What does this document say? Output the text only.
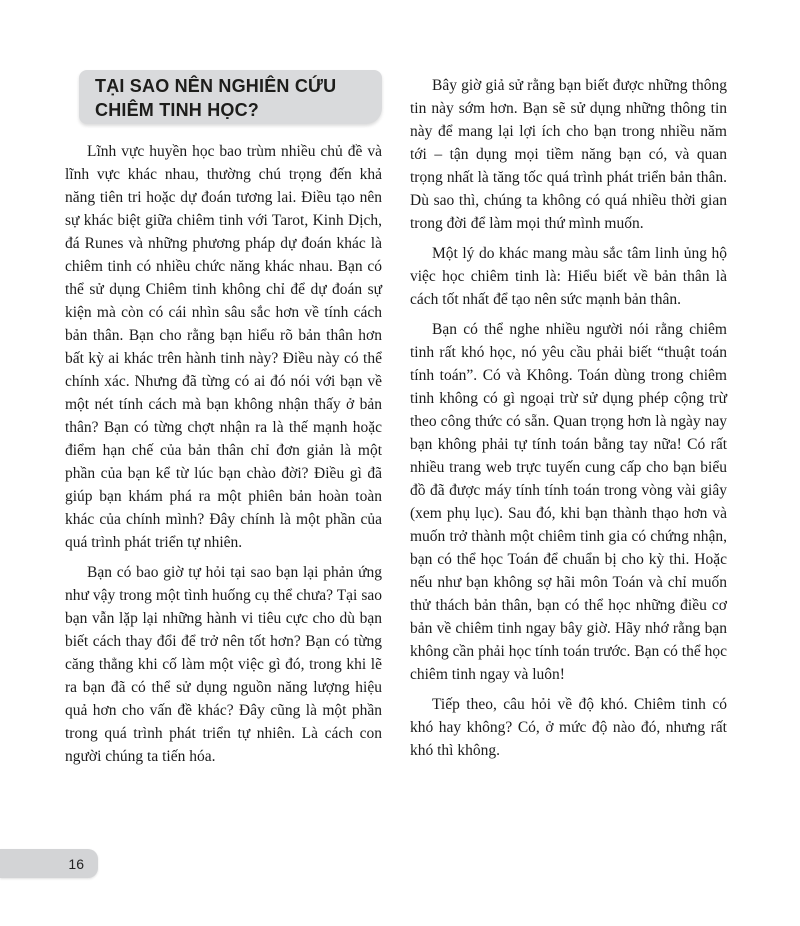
TẠI SAO NÊN NGHIÊN CỨU
CHIÊM TINH HỌC?

Lĩnh vực huyền học bao trùm nhiều chủ đề và lĩnh vực khác nhau, thường chú trọng đến khả năng tiên tri hoặc dự đoán tương lai. Điều tạo nên sự khác biệt giữa chiêm tinh với Tarot, Kinh Dịch, đá Runes và những phương pháp dự đoán khác là chiêm tinh có nhiều chức năng khác nhau. Bạn có thể sử dụng Chiêm tinh không chỉ để dự đoán sự kiện mà còn có cái nhìn sâu sắc hơn về tính cách bản thân. Bạn cho rằng bạn hiểu rõ bản thân hơn bất kỳ ai khác trên hành tinh này? Điều này có thể chính xác. Nhưng đã từng có ai đó nói với bạn về một nét tính cách mà bạn không nhận thấy ở bản thân? Bạn có từng chợt nhận ra là thế mạnh hoặc điểm hạn chế của bản thân chỉ đơn giản là một phần của bạn kể từ lúc bạn chào đời? Điều gì đã giúp bạn khám phá ra một phiên bản hoàn toàn khác của chính mình? Đây chính là một phần của quá trình phát triển tự nhiên.

Bạn có bao giờ tự hỏi tại sao bạn lại phản ứng như vậy trong một tình huống cụ thể chưa? Tại sao bạn vẫn lặp lại những hành vi tiêu cực cho dù bạn biết cách thay đổi để trở nên tốt hơn? Bạn có từng căng thẳng khi cố làm một việc gì đó, trong khi lẽ ra bạn đã có thể sử dụng nguồn năng lượng hiệu quả hơn cho vấn đề khác? Đây cũng là một phần trong quá trình phát triển tự nhiên. Là cách con người chúng ta tiến hóa.

Bây giờ giả sử rằng bạn biết được những thông tin này sớm hơn. Bạn sẽ sử dụng những thông tin này để mang lại lợi ích cho bạn trong nhiều năm tới – tận dụng mọi tiềm năng bạn có, và quan trọng nhất là tăng tốc quá trình phát triển bản thân. Dù sao thì, chúng ta không có quá nhiều thời gian trong đời để làm mọi thứ mình muốn.

Một lý do khác mang màu sắc tâm linh ủng hộ việc học chiêm tinh là: Hiểu biết về bản thân là cách tốt nhất để tạo nên sức mạnh bản thân.

Bạn có thể nghe nhiều người nói rằng chiêm tinh rất khó học, nó yêu cầu phải biết “thuật toán tính toán”. Có và Không. Toán dùng trong chiêm tinh không có gì ngoại trừ sử dụng phép cộng trừ theo công thức có sẵn. Quan trọng hơn là ngày nay bạn không phải tự tính toán bằng tay nữa! Có rất nhiều trang web trực tuyến cung cấp cho bạn biểu đồ đã được máy tính tính toán trong vòng vài giây (xem phụ lục). Sau đó, khi bạn thành thạo hơn và muốn trở thành một chiêm tinh gia có chứng nhận, bạn có thể học Toán để chuẩn bị cho kỳ thi. Hoặc nếu như bạn không sợ hãi môn Toán và chỉ muốn thử thách bản thân, bạn có thể học những điều cơ bản về chiêm tinh ngay bây giờ. Hãy nhớ rằng bạn không cần phải học tính toán trước. Bạn có thể học chiêm tinh ngay và luôn!

Tiếp theo, câu hỏi về độ khó. Chiêm tinh có khó hay không? Có, ở mức độ nào đó, nhưng rất khó thì không.

16
